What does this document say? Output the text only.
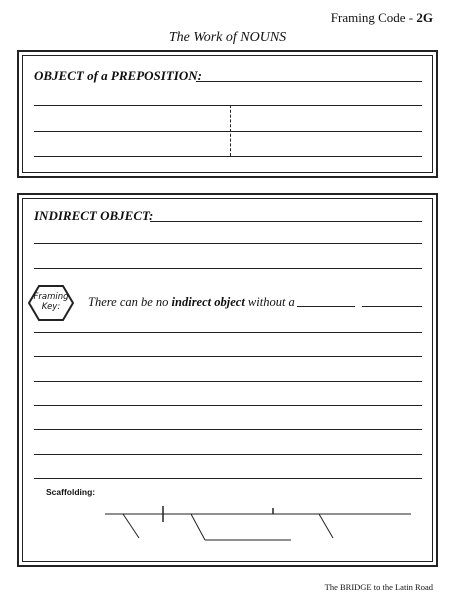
Framing Code - 2G
The Work of NOUNS
OBJECT of a PREPOSITION:
INDIRECT OBJECT:
Framing
Key:	There can be no indirect object without a
Scaffolding:
The BRIDGE to the Latin Road
